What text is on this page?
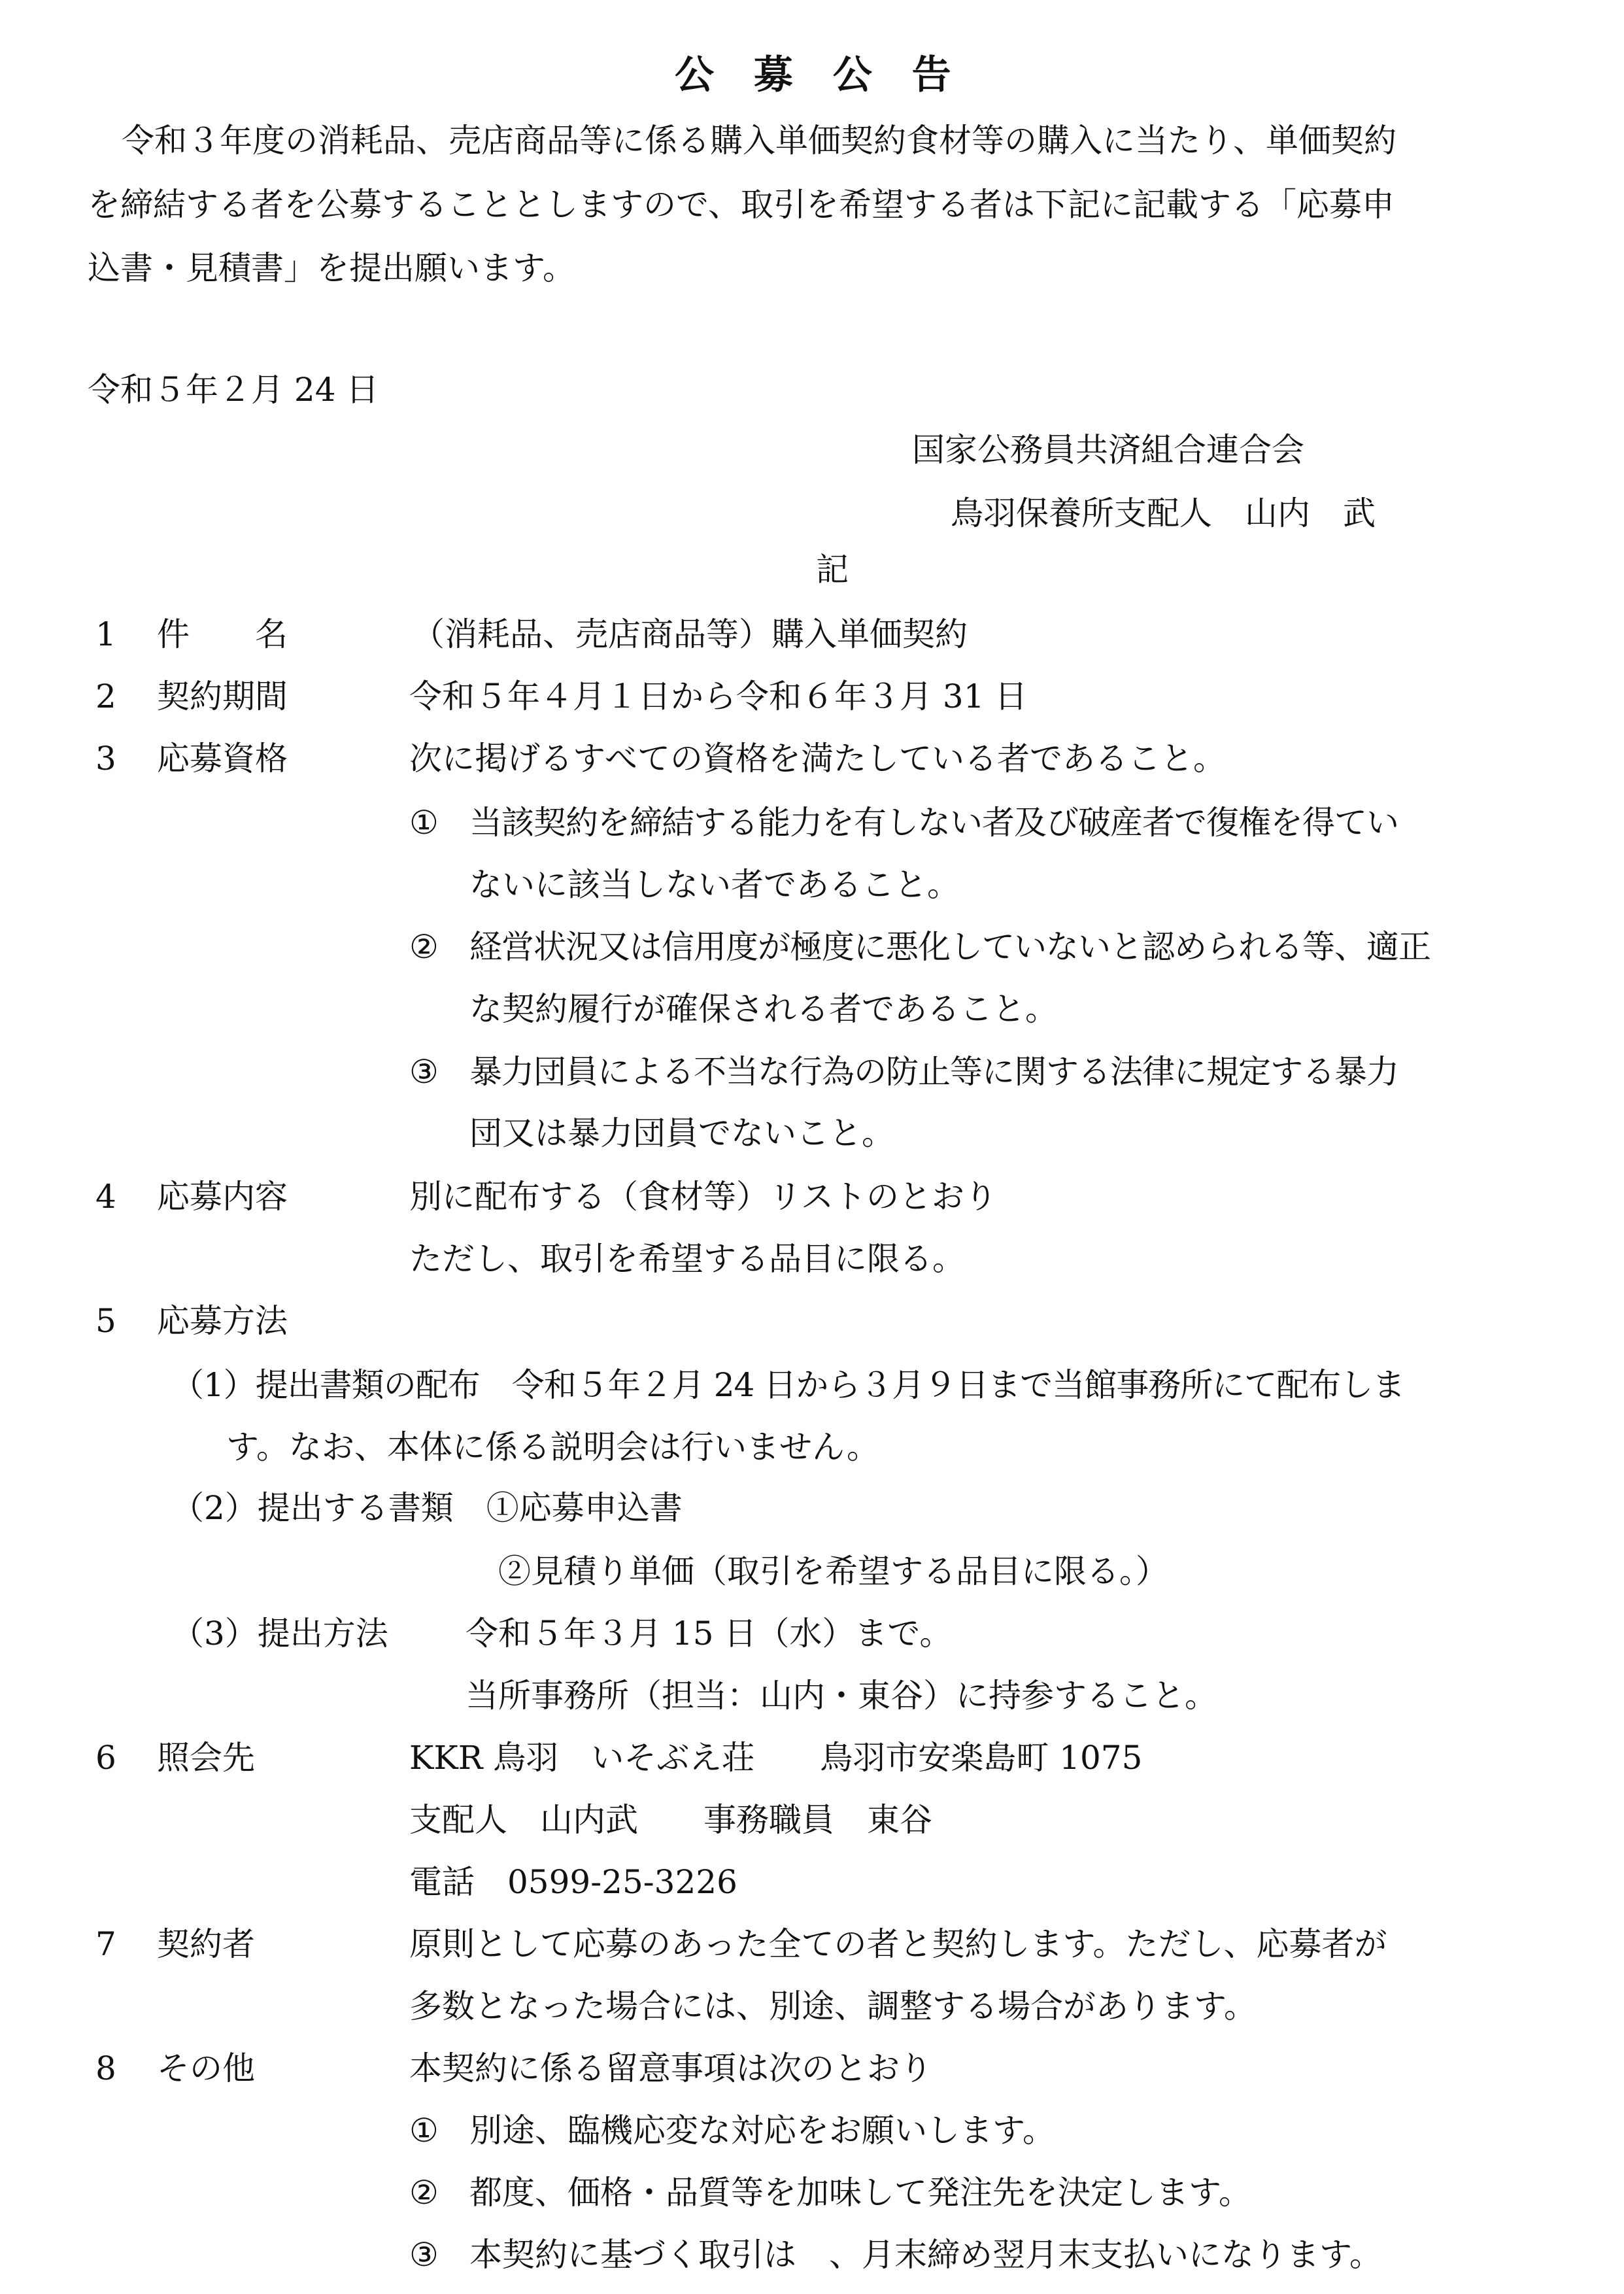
公 募 公 告
令和３年度の消耗品、売店商品等に係る購入単価契約食材等の購入に当たり、単価契約
を締結する者を公募することとしますので、取引を希望する者は下記に記載する「応募申
込書・見積書」を提出願います。
令和５年２月 24 日
国家公務員共済組合連合会
鳥羽保養所支配人　山内　武
記
1 件　　名	（消耗品、売店商品等）購入単価契約
2 契約期間	令和５年４月１日から令和６年３月 31 日
3 応募資格	次に掲げるすべての資格を満たしている者であること。
① 当該契約を締結する能力を有しない者及び破産者で復権を得てい
ないに該当しない者であること。
② 経営状況又は信用度が極度に悪化していないと認められる等、適正
な契約履行が確保される者であること。
③ 暴力団員による不当な行為の防止等に関する法律に規定する暴力
団又は暴力団員でないこと。
4 応募内容	別に配布する（食材等）リストのとおり
ただし、取引を希望する品目に限る。
5 応募方法
（1）提出書類の配布　令和５年２月 24 日から３月９日まで当館事務所にて配布しま
す。なお、本体に係る説明会は行いません。
（2）提出する書類　①応募申込書
②見積り単価（取引を希望する品目に限る。）
（3）提出方法 令和５年３月 15 日（水）まで。
当所事務所（担当：山内・東谷）に持参すること。
6 照会先	KKR 鳥羽　いそぶえ荘　　鳥羽市安楽島町 1075
支配人　山内武　　事務職員　東谷
電話　0599-25-3226
7 契約者	原則として応募のあった全ての者と契約します。ただし、応募者が
多数となった場合には、別途、調整する場合があります。
8 その他	本契約に係る留意事項は次のとおり
① 別途、臨機応変な対応をお願いします。
② 都度、価格・品質等を加味して発注先を決定します。
③ 本契約に基づく取引は　、月末締め翌月末支払いになります。
